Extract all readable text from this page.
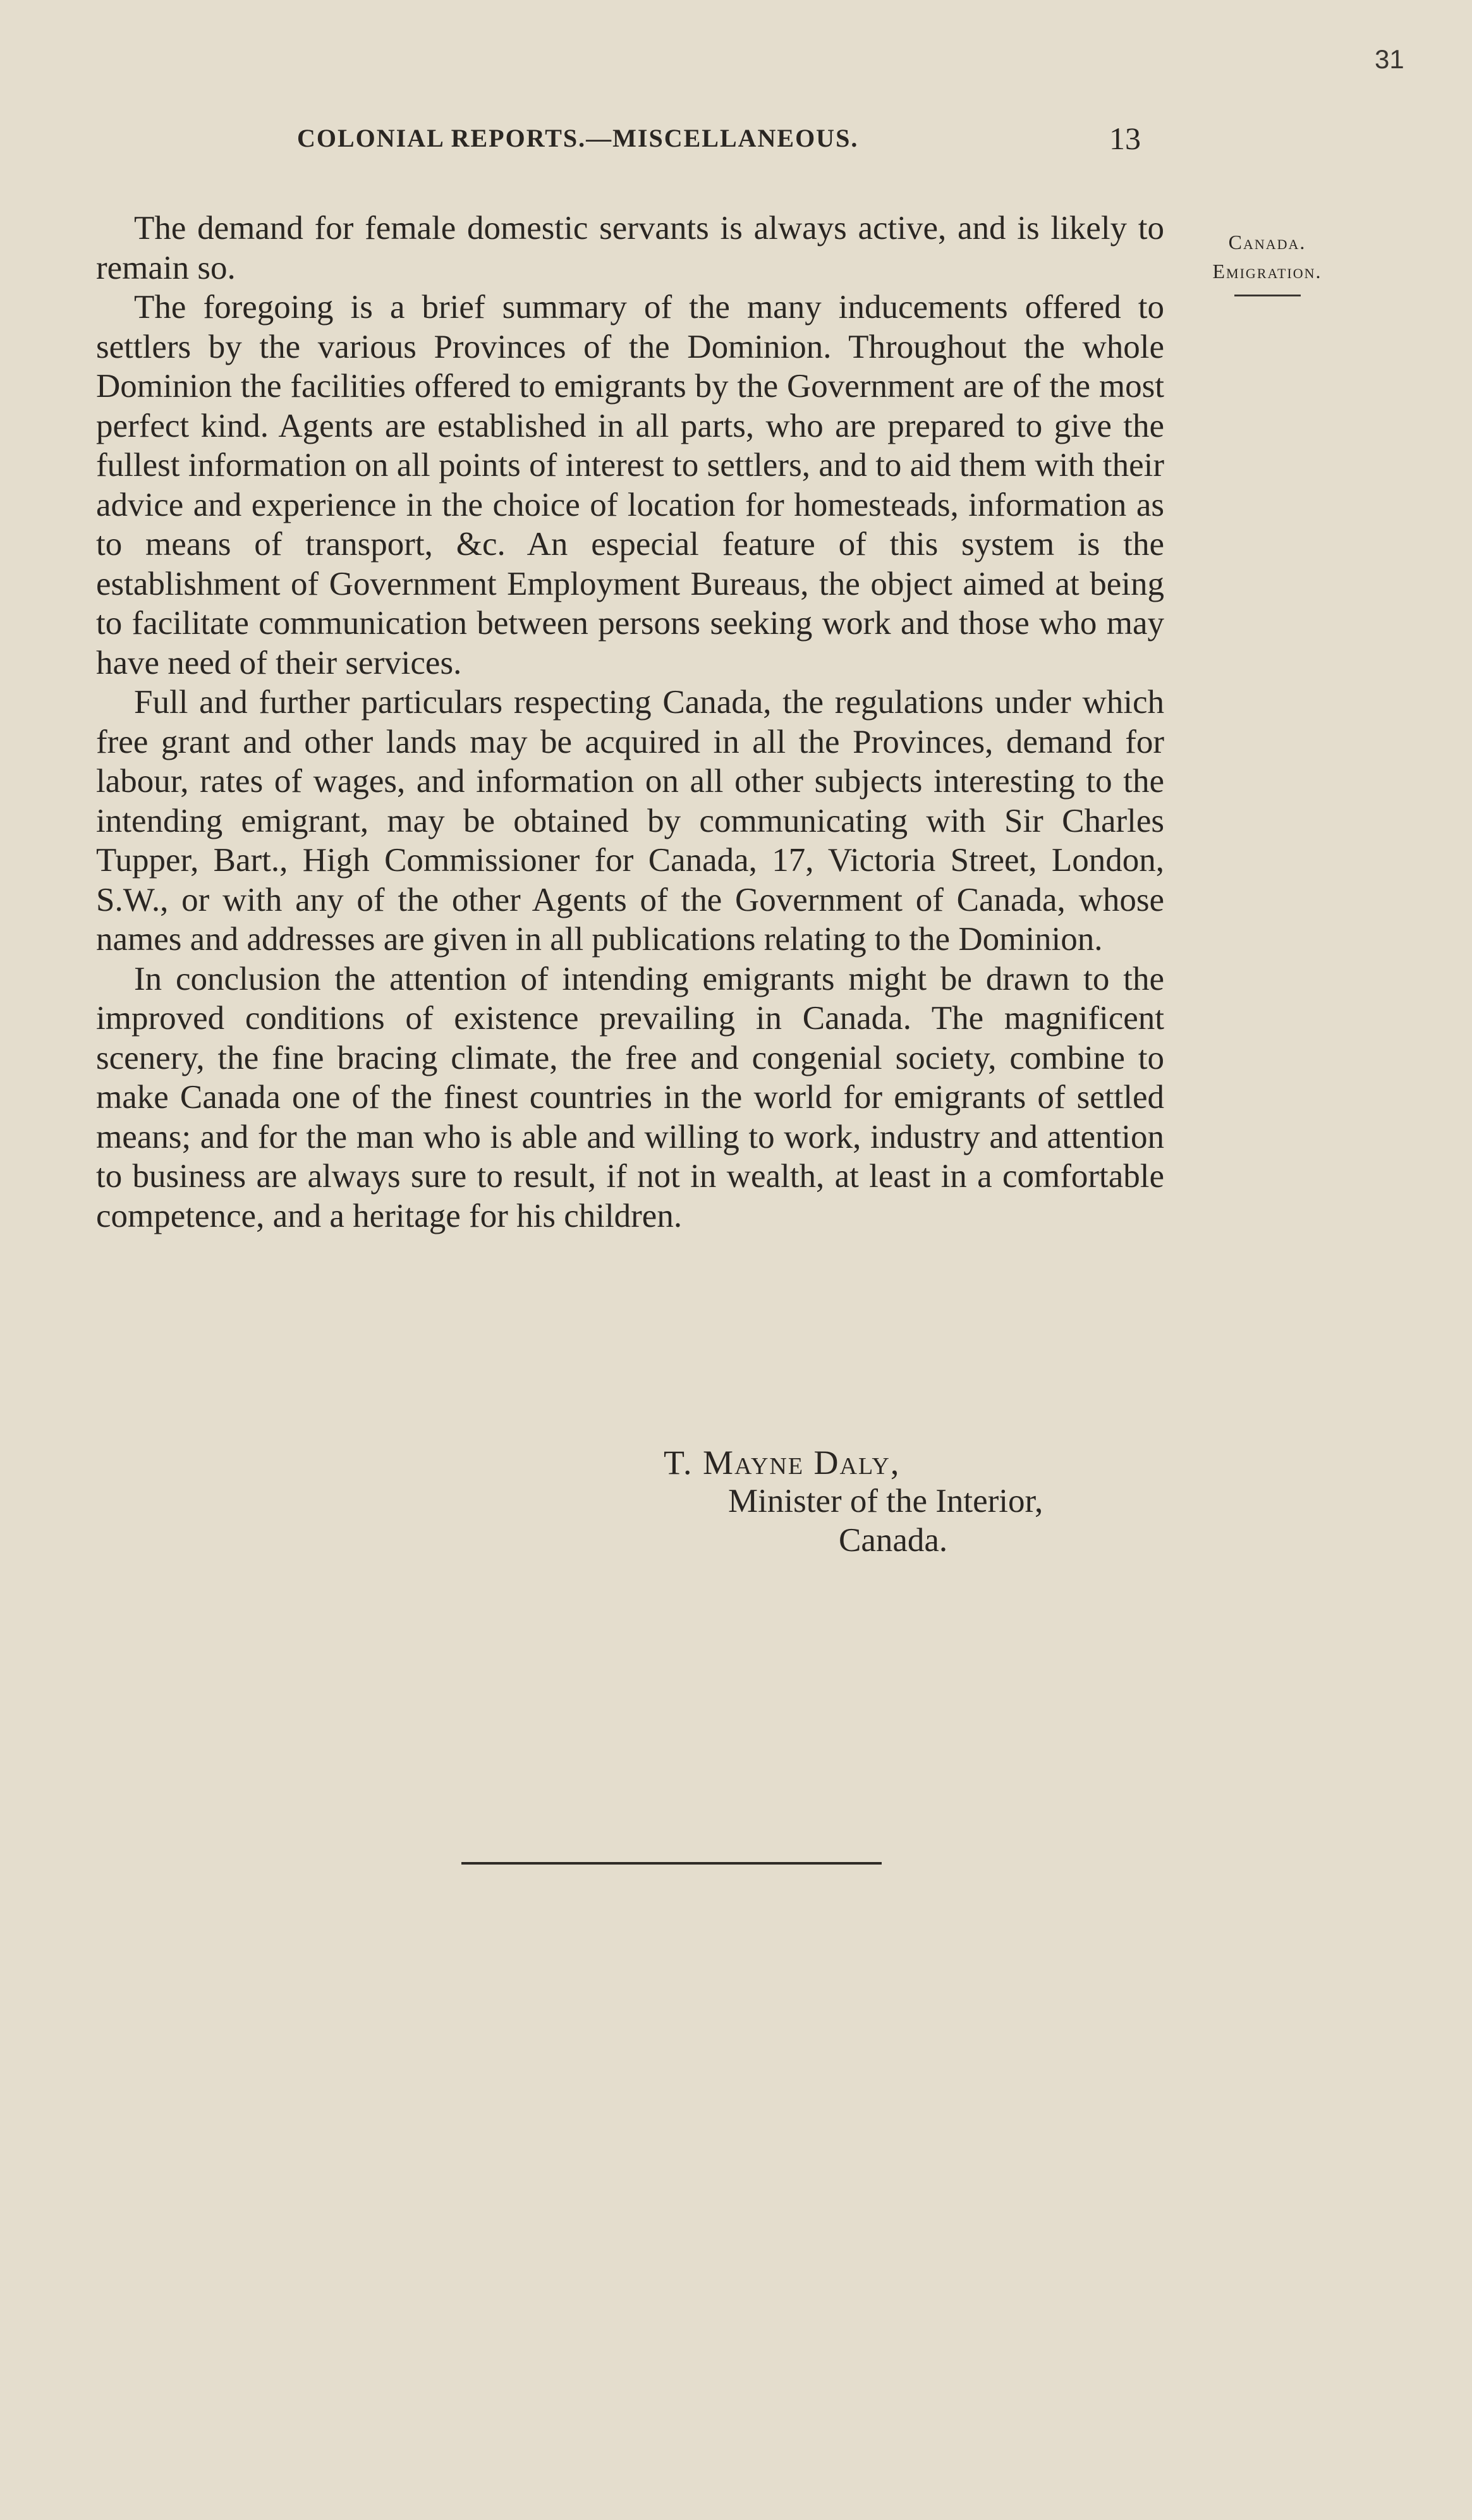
31
COLONIAL REPORTS.—MISCELLANEOUS.	13
Canada.
Emigration.

The demand for female domestic servants is always active, and is likely to remain so.

The foregoing is a brief summary of the many inducements offered to settlers by the various Provinces of the Dominion. Throughout the whole Dominion the facilities offered to emigrants by the Government are of the most perfect kind. Agents are established in all parts, who are prepared to give the fullest information on all points of interest to settlers, and to aid them with their advice and experience in the choice of location for homesteads, information as to means of transport, &c. An especial feature of this system is the establishment of Government Employment Bureaus, the object aimed at being to facilitate communication between persons seeking work and those who may have need of their services.

Full and further particulars respecting Canada, the regulations under which free grant and other lands may be acquired in all the Provinces, demand for labour, rates of wages, and information on all other subjects interesting to the intending emigrant, may be obtained by communicating with Sir Charles Tupper, Bart., High Commissioner for Canada, 17, Victoria Street, London, S.W., or with any of the other Agents of the Government of Canada, whose names and addresses are given in all publications relating to the Dominion.

In conclusion the attention of intending emigrants might be drawn to the improved conditions of existence prevailing in Canada. The magnificent scenery, the fine bracing climate, the free and congenial society, combine to make Canada one of the finest countries in the world for emigrants of settled means; and for the man who is able and willing to work, industry and attention to business are always sure to result, if not in wealth, at least in a comfortable competence, and a heritage for his children.

T. Mayne Daly,
Minister of the Interior,
Canada.
